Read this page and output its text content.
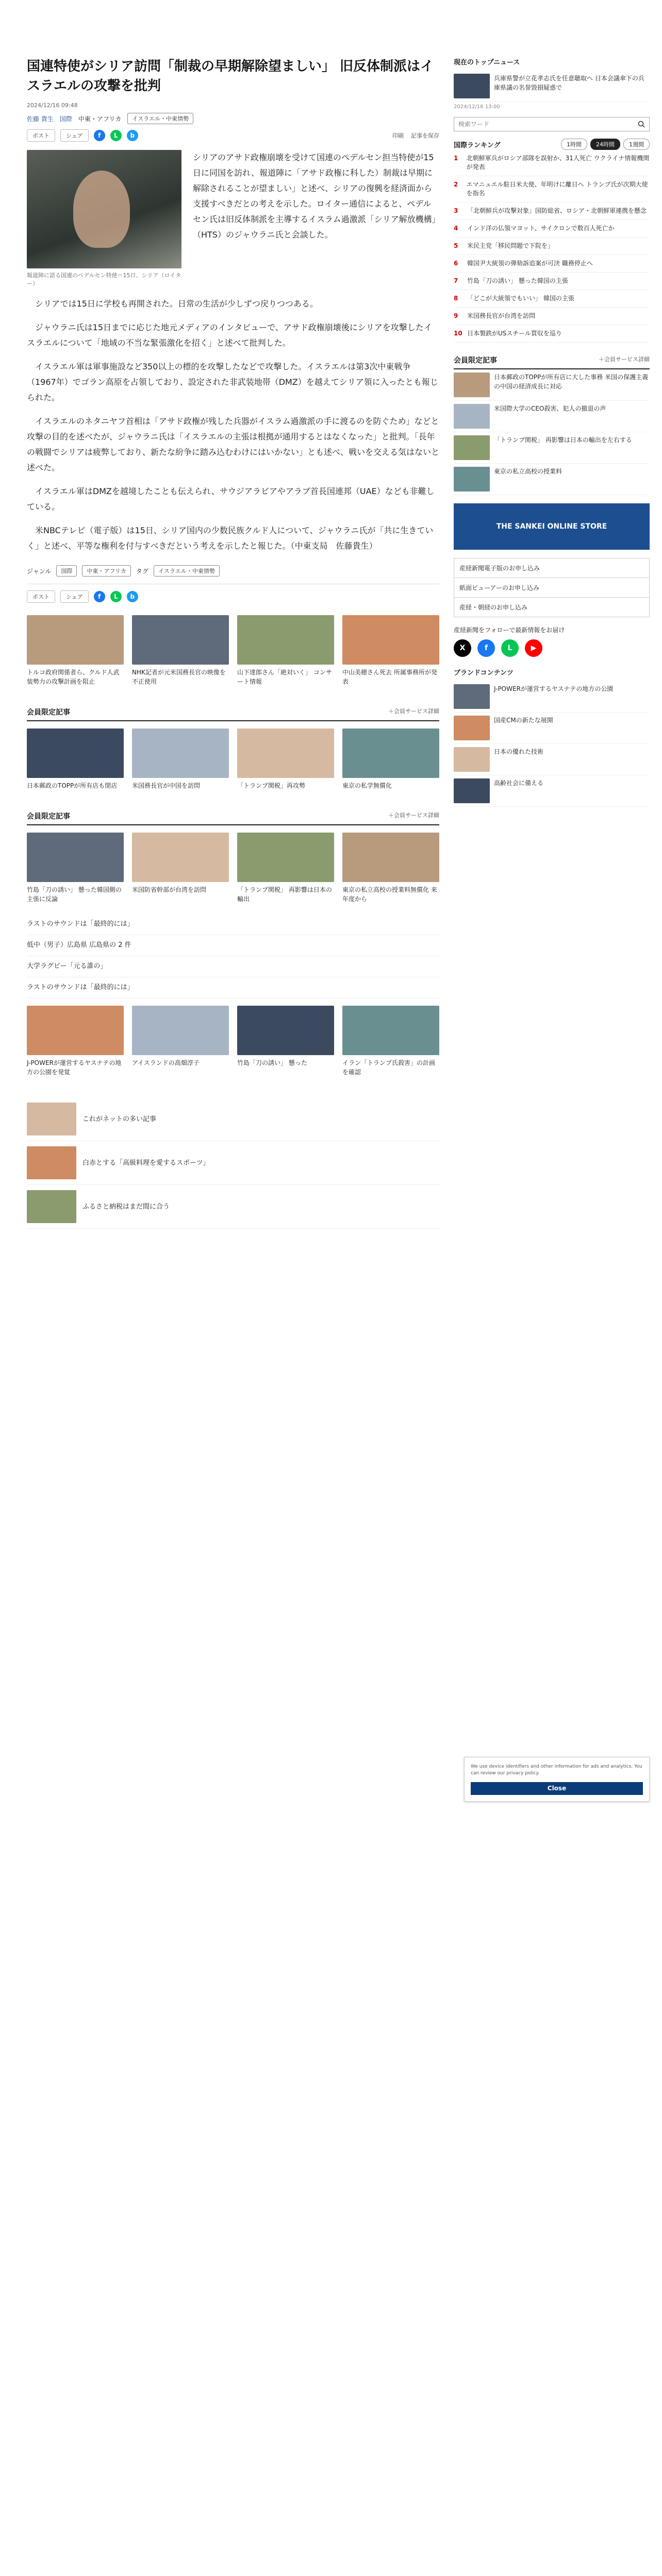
国連特使がシリア訪問「制裁の早期解除望ましい」 旧反体制派はイスラエルの攻撃を批判
2024/12/16 09:48
佐藤 貴生 国際 中東・アフリカ	イスラエル・中東情勢
ポスト	シェア	f	L	b	印刷 記事を保存
報道陣に語る国連のペデルセン特使＝15日、シリア（ロイター）

シリアのアサド政権崩壊を受けて国連のペデルセン担当特使が15日に同国を訪れ、報道陣に「アサド政権に科した）制裁は早期に解除されることが望ましい」と述べ、シリアの復興を経済面から支援すべきだとの考えを示した。ロイター通信によると、ペデルセン氏は旧反体制派を主導するイスラム過激派「シリア解放機構」（HTS）のジャウラニ氏と会談した。

シリアでは15日に学校も再開された。日常の生活が少しずつ戻りつつある。

ジャウラニ氏は15日までに応じた地元メディアのインタビューで、アサド政権崩壊後にシリアを攻撃したイスラエルについて「地域の不当な緊張激化を招く」と述べて批判した。

イスラエル軍は軍事施設など350以上の標的を攻撃したなどで攻撃した。イスラエルは第3次中東戦争（1967年）でゴラン高原を占領しており、設定された非武装地帯（DMZ）を越えてシリア領に入ったとも報じられた。

イスラエルのネタニヤフ首相は「アサド政権が残した兵器がイスラム過激派の手に渡るのを防ぐため」などと攻撃の目的を述べたが、ジャウラニ氏は「イスラエルの主張は根拠が通用するとはなくなった」と批判。「長年の戦闘でシリアは疲弊しており、新たな紛争に踏み込むわけにはいかない」とも述べ、戦いを交える気はないと述べた。

イスラエル軍はDMZを越境したことも伝えられ、サウジアラビアやアラブ首長国連邦（UAE）なども非難している。

米NBCテレビ（電子版）は15日、シリア国内の少数民族クルド人について、ジャウラニ氏が「共に生きていく」と述べ、平等な権利を付与すべきだという考えを示したと報じた。（中東支局　佐藤貴生）

ジャンル	国際	中東・アフリカ	タグ	イスラエル・中東情勢
ポスト	シェア	f	L	b
トルコ政府関係者ら、クルド人武装勢力の攻撃計画を阻止
NHK記者が元米国務長官の映像を不正使用
山下達郎さん「絶対いく」 コンサート情報
中山美穂さん死去 所属事務所が発表
会員限定記事	＋会員サービス詳細
日本郵政のTOPPが所有店も閉店	米国務長官が中国を訪問	「トランプ関税」再攻勢	東京の私学無償化
会員限定記事	＋会員サービス詳細
竹島「刀の誘い」 懸った韓国側の主張に反論
米国防省幹部が台湾を訪問	「トランプ関税」 再影響は日本の輸出
東京の私立高校の授業料無償化 来年度から
ラストのサウンドは「最終的には」
低中（男子）広島県 広島県の 2 件
大学ラグビー「元る誰の」
ラストのサウンドは「最終的には」
J-POWERが運営するヤスナテの地方の公園を発覚
アイスランドの高畑淳子	竹島「刀の誘い」 懸った	イラン「トランプ氏殺害」の計画を確認
これがネットの多い記事
白赤とする「高級料理を愛するスポーツ」
ふるさと納税はまだ間に合う
現在のトップニュース
兵庫県警が立花孝志氏を任意聴取へ 日本会議傘下の兵庫県議の名誉毀損疑惑で
2024/12/16 13:00
検索ワード
国際ランキング	1時間	24時間	1週間
1	北朝鮮軍兵がロシア部隊を誤射か、31人死亡 ウクライナ情報機関が発表
2	エマニュエル駐日米大使、年明けに離日へ トランプ氏が次期大使を指名
3	「北朝鮮兵が攻撃対象」国防総省、ロシア・北朝鮮軍連携を懸念
4	インド洋の仏領マヨット、サイクロンで数百人死亡か
5	米民主党「移民問題で下院を」
6	韓国尹大統領の弾劾訴追案が可決 職務停止へ
7	竹島「刀の誘い」 懸った韓国の主張
8	「どこが大統領でもいい」 韓国の主張
9	米国務長官が台湾を訪問
10 日本製鉄がUSスチール買収を巡り
会員限定記事	＋会員サービス詳細
日本郵政のTOPPが所有店に大した事務 米国の保護主義の中国の経済成長に対応
米国際大学のCEO殺害、犯人の撤退の声
「トランプ関税」 再影響は日本の輸出を左右する
東京の私立高校の授業料
THE SANKEI ONLINE STORE
産経新聞電子版のお申し込み
紙面ビューアーのお申し込み
産経・朝経のお申し込み
産経新聞をフォローで最新情報をお届け
X	f	L	▶
ブランドコンテンツ
J-POWERが運営するヤスナテの地方の公園
国産CMの新たな展開
日本の優れた技術
高齢社会に備える
We use device identifiers and other information for ads and analytics. You can review our privacy policy.
Close
